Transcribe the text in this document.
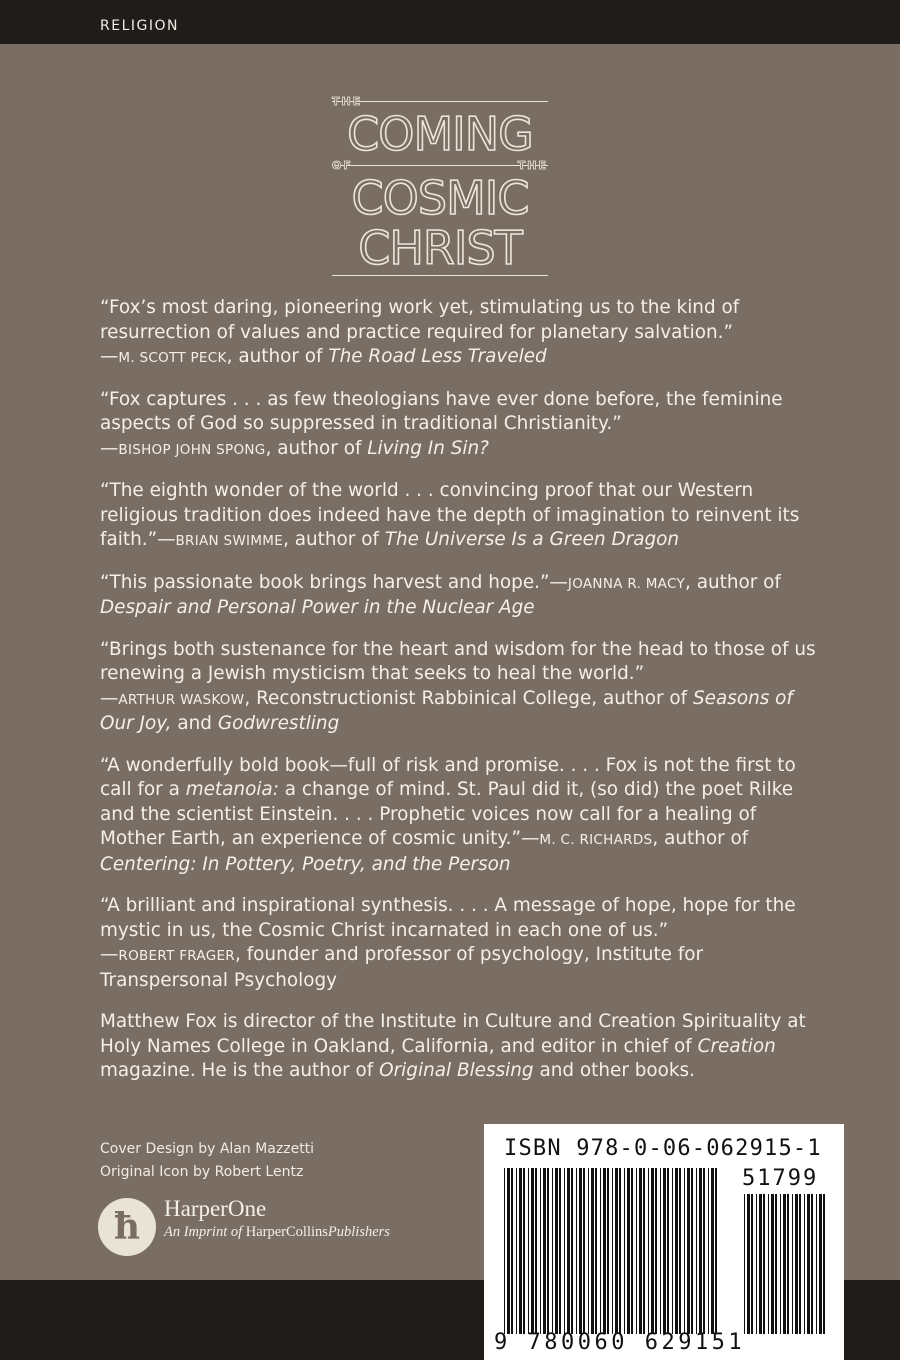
RELIGION
THE
COMING
OF THE
COSMIC
CHRIST

“Fox’s most daring, pioneering work yet, stimulating us to the kind of resurrection of values and practice required for planetary salvation.”
—M. SCOTT PECK, author of The Road Less Traveled

“Fox captures . . . as few theologians have ever done before, the feminine aspects of God so suppressed in traditional Christianity.”
—BISHOP JOHN SPONG, author of Living In Sin?

“The eighth wonder of the world . . . convincing proof that our Western religious tradition does indeed have the depth of imagination to reinvent its faith.”—BRIAN SWIMME, author of The Universe Is a Green Dragon

“This passionate book brings harvest and hope.”—JOANNA R. MACY, author of Despair and Personal Power in the Nuclear Age

“Brings both sustenance for the heart and wisdom for the head to those of us renewing a Jewish mysticism that seeks to heal the world.”
—ARTHUR WASKOW, Reconstructionist Rabbinical College, author of Seasons of Our Joy, and Godwrestling

“A wonderfully bold book—full of risk and promise. . . . Fox is not the first to call for a metanoia: a change of mind. St. Paul did it, (so did) the poet Rilke and the scientist Einstein. . . . Prophetic voices now call for a healing of Mother Earth, an experience of cosmic unity.”—M. C. RICHARDS, author of Centering: In Pottery, Poetry, and the Person

“A brilliant and inspirational synthesis. . . . A message of hope, hope for the mystic in us, the Cosmic Christ incarnated in each one of us.”
—ROBERT FRAGER, founder and professor of psychology, Institute for Transpersonal Psychology

Matthew Fox is director of the Institute in Culture and Creation Spirituality at Holy Names College in Oakland, California, and editor in chief of Creation magazine. He is the author of Original Blessing and other books.

Cover Design by Alan Mazzetti
Original Icon by Robert Lentz
ħ	HarperOne
An Imprint of HarperCollinsPublishers
ISBN 978-0-06-062915-1
51799
9 780060 629151
